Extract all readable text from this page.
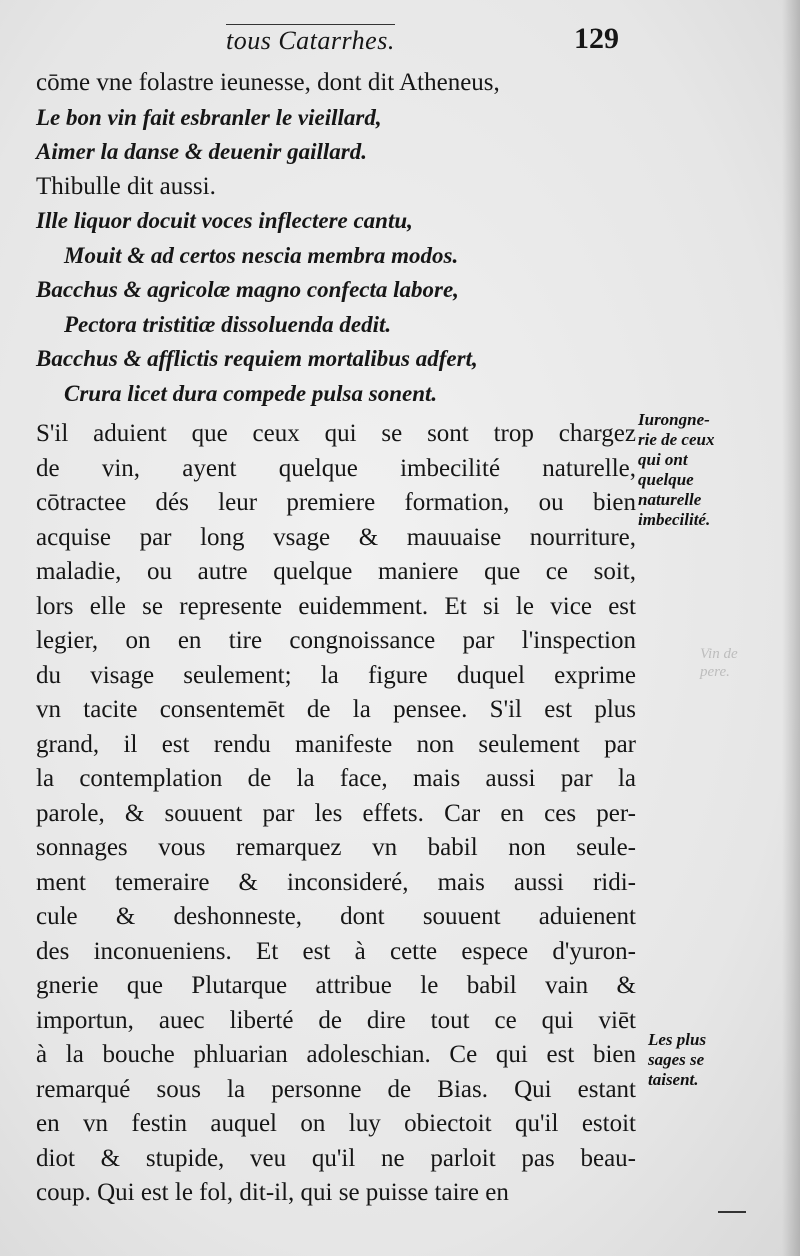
tous Catarrhes.	129
cōme vne folastre ieunesse, dont dit Atheneus,
Le bon vin fait esbranler le vieillard,
Aimer la danse & deuenir gaillard.
Thibulle dit aussi.
Ille liquor docuit voces inflectere cantu,
Mouit & ad certos nescia membra modos.
Bacchus & agricolæ magno confecta labore,
Pectora tristitiæ dissoluenda dedit.
Bacchus & afflictis requiem mortalibus adfert,
Crura licet dura compede pulsa sonent.
S'il aduient que ceux qui se sont trop chargez
de vin, ayent quelque imbecilité naturelle,
cōtractee dés leur premiere formation, ou bien
acquise par long vsage & mauuaise nourriture,
maladie, ou autre quelque maniere que ce soit,
lors elle se represente euidemment. Et si le vice est
legier, on en tire congnoissance par l'inspection
du visage seulement; la figure duquel exprime
vn tacite consentemēt de la pensee. S'il est plus
grand, il est rendu manifeste non seulement par
la contemplation de la face, mais aussi par la
parole, & souuent par les effets. Car en ces per-
sonnages vous remarquez vn babil non seule-
ment temeraire & inconsideré, mais aussi ridi-
cule & deshonneste, dont souuent aduienent
des inconueniens. Et est à cette espece d'yuron-
gnerie que Plutarque attribue le babil vain &
importun, auec liberté de dire tout ce qui viēt
à la bouche phluarian adoleschian. Ce qui est bien
remarqué sous la personne de Bias. Qui estant
en vn festin auquel on luy obiectoit qu'il estoit
diot & stupide, veu qu'il ne parloit pas beau-
coup. Qui est le fol, dit-il, qui se puisse taire en
Iurongne-
rie de ceux
qui ont
quelque
naturelle
imbecilité.
Les plus
sages se
taisent.
Vin de
pere.
